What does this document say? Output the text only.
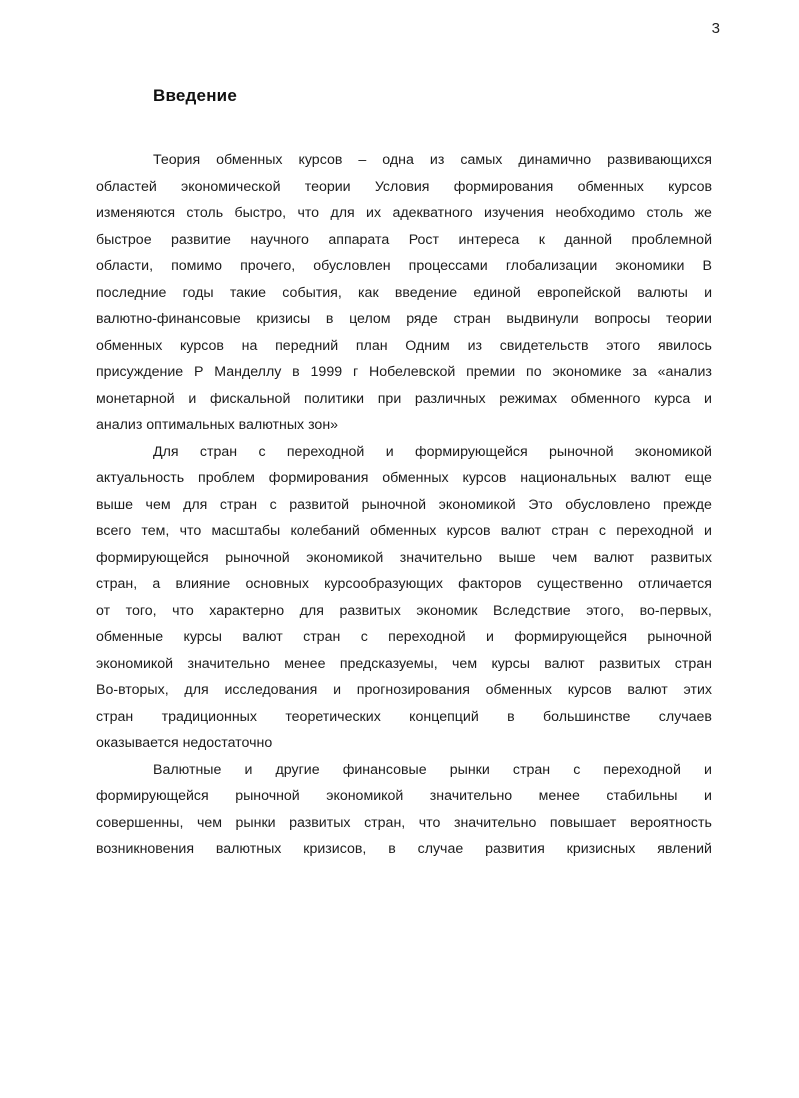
3
Введение
Теория обменных курсов – одна из самых динамично развивающихся
областей экономической теории Условия формирования обменных курсов
изменяются столь быстро, что для их адекватного изучения необходимо столь же
быстрое развитие научного аппарата Рост интереса к данной проблемной
области, помимо прочего, обусловлен процессами глобализации экономики В
последние годы такие события, как введение единой европейской валюты и
валютно-финансовые кризисы в целом ряде стран выдвинули вопросы теории
обменных курсов на передний план Одним из свидетельств этого явилось
присуждение Р Манделлу в 1999 г Нобелевской премии по экономике за «анализ
монетарной и фискальной политики при различных режимах обменного курса и
анализ оптимальных валютных зон»
Для стран с переходной и формирующейся рыночной экономикой
актуальность проблем формирования обменных курсов национальных валют еще
выше чем для стран с развитой рыночной экономикой Это обусловлено прежде
всего тем, что масштабы колебаний обменных курсов валют стран с переходной и
формирующейся рыночной экономикой значительно выше чем валют развитых
стран, а влияние основных курсообразующих факторов существенно отличается
от того, что характерно для развитых экономик Вследствие этого, во-первых,
обменные курсы валют стран с переходной и формирующейся рыночной
экономикой значительно менее предсказуемы, чем курсы валют развитых стран
Во-вторых, для исследования и прогнозирования обменных курсов валют этих
стран традиционных теоретических концепций в большинстве случаев
оказывается недостаточно
Валютные и другие финансовые рынки стран с переходной и
формирующейся рыночной экономикой значительно менее стабильны и
совершенны, чем рынки развитых стран, что значительно повышает вероятность
возникновения валютных кризисов, в случае развития кризисных явлений
